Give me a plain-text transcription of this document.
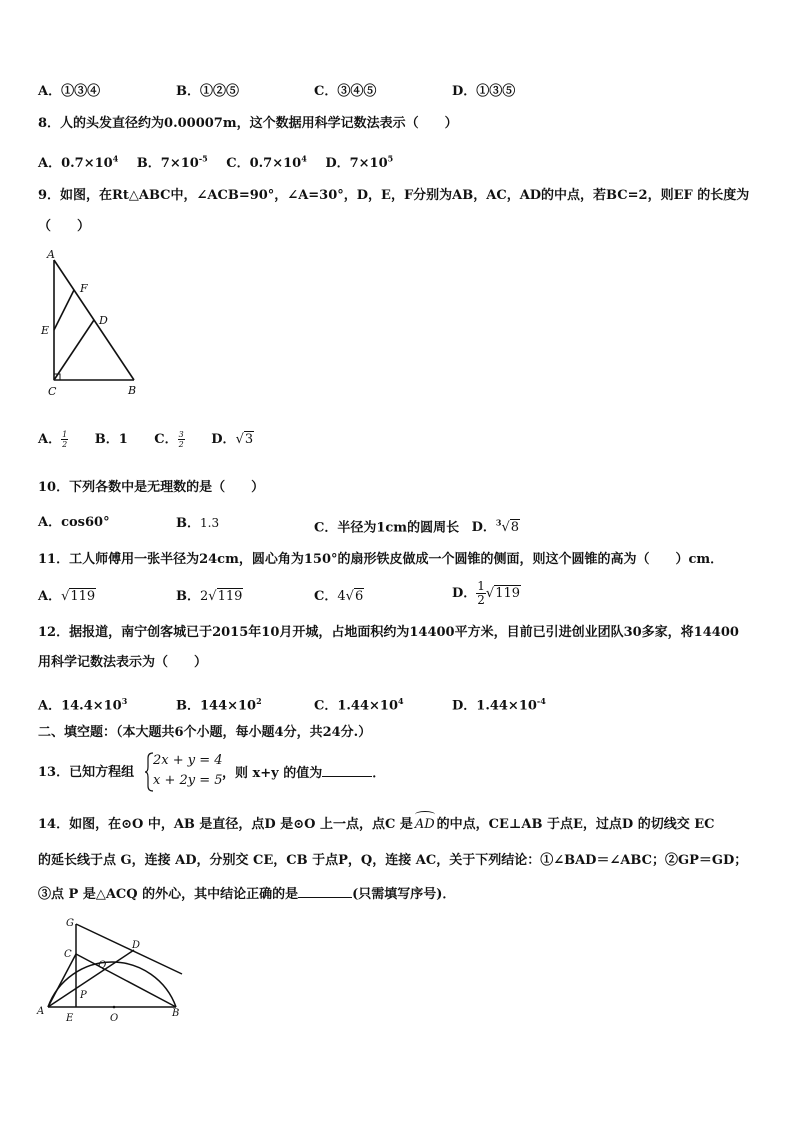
A．①③④	B．①②⑤	C．③④⑤	D．①③⑤
8．人的头发直径约为0.00007m，这个数据用科学记数法表示（　　）
A．$0.7\times 10^4$ B．$7\times 10^{-5}$ C．$0.7\times 10^4$ D．$7\times 10^5$
9．如图，在Rt△ABC中，∠ACB=90°，∠A=30°，D，E，F分别为AB，AC，AD的中点，若BC=2，则EF 的长度为
（　　）
A
F
D
E
C	B
A． $\frac{1}{2}$ B．1 C． $\frac{3}{2}$ D．√3
10．下列各数中是无理数的是（　　）
A．cos60°	B．1.3	C．半径为1cm的圆周长 D．$^3$√8
11．工人师傅用一张半径为24cm，圆心角为150°的扇形铁皮做成一个圆锥的侧面，则这个圆锥的高为（　　）cm．
A．√119	B．2√119	C．4√6	D． $\frac{1}{2} √119$
12．据报道，南宁创客城已于2015年10月开城，占地面积约为14400平方米，目前已引进创业团队30多家，将14400
用科学记数法表示为（　　）
A．$14.4\times 10^3$	B．$144\times 10^2$	C．$1.44\times 10^4$	D．$1.44\times 10^{-4}$
二、填空题：（本大题共6个小题，每小题4分，共24分.）
13．已知方程组
2x + y = 4
x + 2y = 5 ，则 x+y 的值为	．
14．如图，在⊙O 中，AB 是直径，点D 是⊙O 上一点，点C 是 AD 的中点，CE⊥AB 于点E，过点D 的切线交 EC
的延长线于点 G，连接 AD，分别交 CE，CB 于点P，Q，连接 AC，关于下列结论：①∠BAD＝∠ABC；②GP＝GD；
③点 P 是△ACQ 的外心，其中结论正确的是	(只需填写序号)．
G
C
D
Q
P
A
E	O	B
